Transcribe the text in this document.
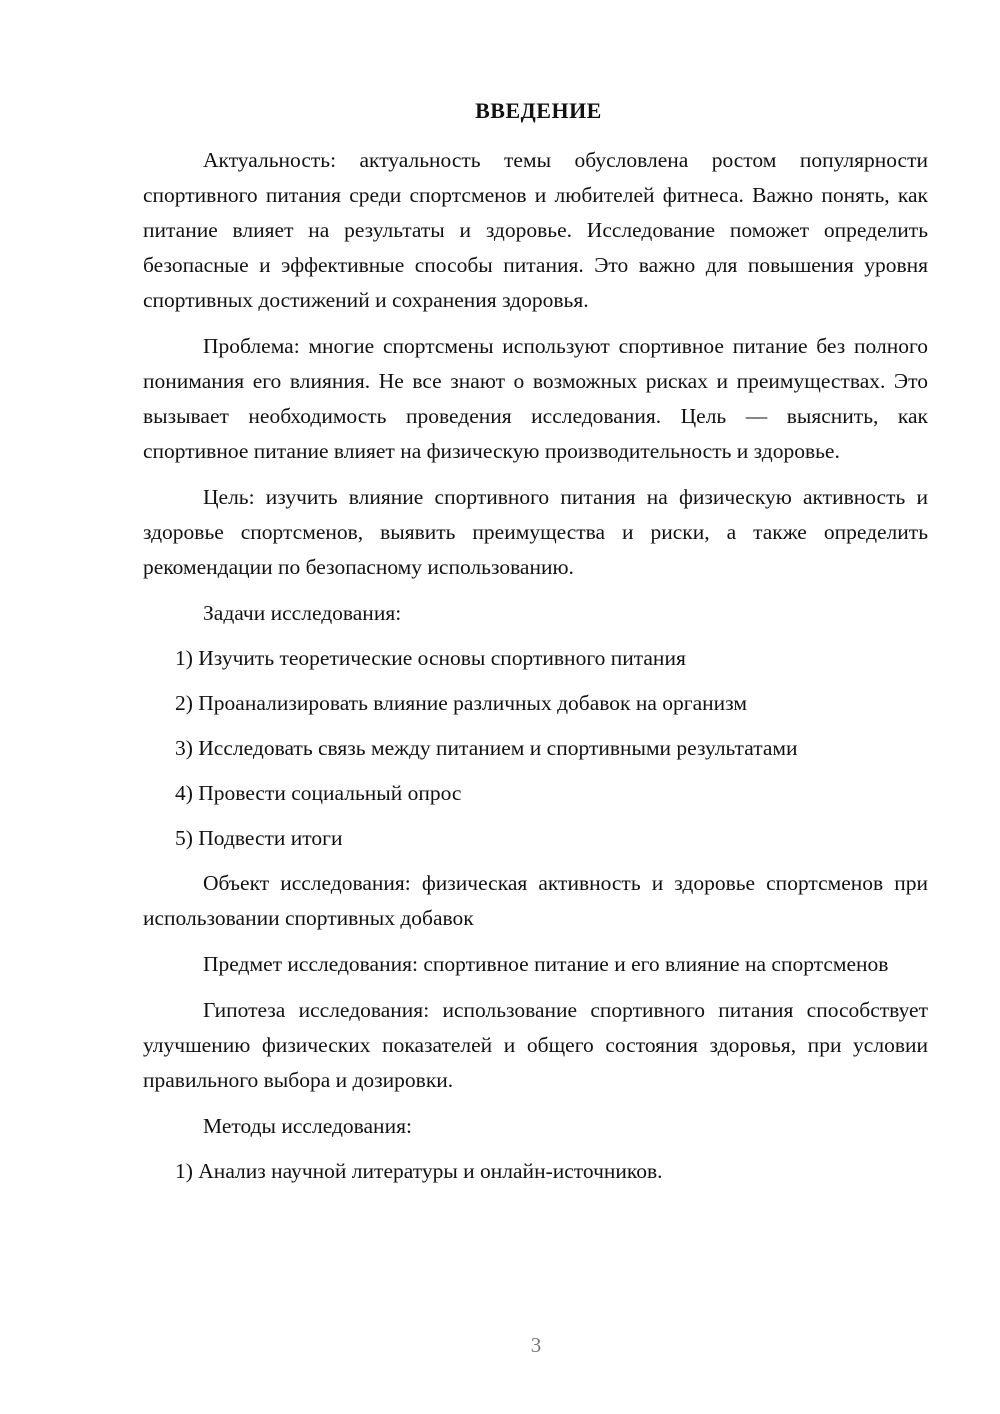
ВВЕДЕНИЕ

Актуальность: актуальность темы обусловлена ростом популярности спортивного питания среди спортсменов и любителей фитнеса. Важно понять, как питание влияет на результаты и здоровье. Исследование поможет определить безопасные и эффективные способы питания. Это важно для повышения уровня спортивных достижений и сохранения здоровья.

Проблема: многие спортсмены используют спортивное питание без полного понимания его влияния. Не все знают о возможных рисках и преимуществах. Это вызывает необходимость проведения исследования. Цель — выяснить, как спортивное питание влияет на физическую производительность и здоровье.

Цель: изучить влияние спортивного питания на физическую активность и здоровье спортсменов, выявить преимущества и риски, а также определить рекомендации по безопасному использованию.

Задачи исследования:

1) Изучить теоретические основы спортивного питания
2) Проанализировать влияние различных добавок на организм
3) Исследовать связь между питанием и спортивными результатами
4) Провести социальный опрос
5) Подвести итоги

Объект исследования: физическая активность и здоровье спортсменов при использовании спортивных добавок

Предмет исследования: спортивное питание и его влияние на спортсменов

Гипотеза исследования: использование спортивного питания способствует улучшению физических показателей и общего состояния здоровья, при условии правильного выбора и дозировки.

Методы исследования:

1) Анализ научной литературы и онлайн-источников.
3
